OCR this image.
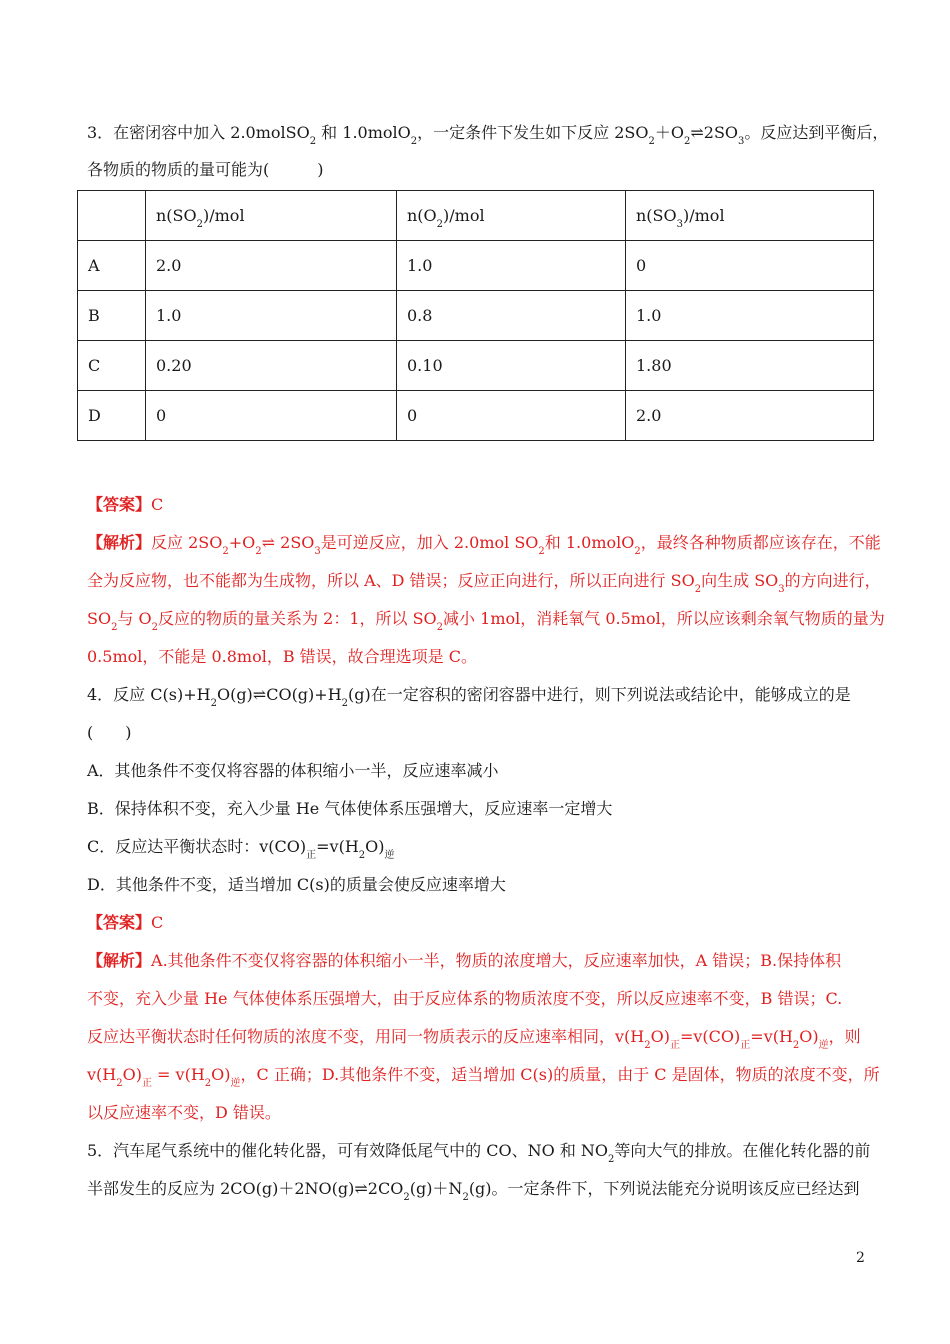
3．在密闭容中加入 2.0molSO$_2$ 和 1.0molO$_2$，一定条件下发生如下反应 $2SO_2+O_2\rightleftharpoons 2SO_3$。反应达到平衡后，
各物质的物质的量可能为(　　　)
	$n(SO_2)$/mol	$n(O_2)$/mol	$n(SO_3)$/mol
A	2.0	1.0	0
B	1.0	0.8	1.0
C	0.20	0.10	1.80
D	0	0	2.0
【答案】C
【解析】反应 $2SO_2+O_2\rightleftharpoons$ $2SO_3$是可逆反应，加入 2.0mol $SO_2$和 1.0molO$_2$，最终各种物质都应该存在，不能
全为反应物，也不能都为生成物，所以 A、D 错误；反应正向进行，所以正向进行 $SO_2$向生成 $SO_3$的方向进行，
$SO_2$与 $O_2$反应的物质的量关系为 2：1，所以 $SO_2$减小 1mol，消耗氧气 0.5mol，所以应该剩余氧气物质的量为
0.5mol，不能是 0.8mol，B 错误，故合理选项是 C。
4．反应 $C(s)+H_2O(g)\rightleftharpoons CO(g)+H_2(g)$在一定容积的密闭容器中进行，则下列说法或结论中，能够成立的是
(　　)
A．其他条件不变仅将容器的体积缩小一半，反应速率减小
B．保持体积不变，充入少量 He 气体使体系压强增大，反应速率一定增大
C．反应达平衡状态时：$v(CO)_正=v(H_2O)_逆$
D．其他条件不变，适当增加 C(s)的质量会使反应速率增大
【答案】C
【解析】A.其他条件不变仅将容器的体积缩小一半，物质的浓度增大，反应速率加快，A 错误；B.保持体积
不变，充入少量 He 气体使体系压强增大，由于反应体系的物质浓度不变，所以反应速率不变，B 错误；C.
反应达平衡状态时任何物质的浓度不变，用同一物质表示的反应速率相同，$v(H_2O)_正=v(CO)_正=v(H_2O)_逆$，则
$v(H_2O)_正 = v(H_2O)_逆$，C 正确；D.其他条件不变，适当增加 C(s)的质量，由于 C 是固体，物质的浓度不变，所
以反应速率不变，D 错误。
5．汽车尾气系统中的催化转化器，可有效降低尾气中的 CO、NO 和 $NO_2$等向大气的排放。在催化转化器的前
半部发生的反应为 $2CO(g)+2NO(g)\rightleftharpoons 2CO_2(g)+N_2(g)$。一定条件下，下列说法能充分说明该反应已经达到
2
